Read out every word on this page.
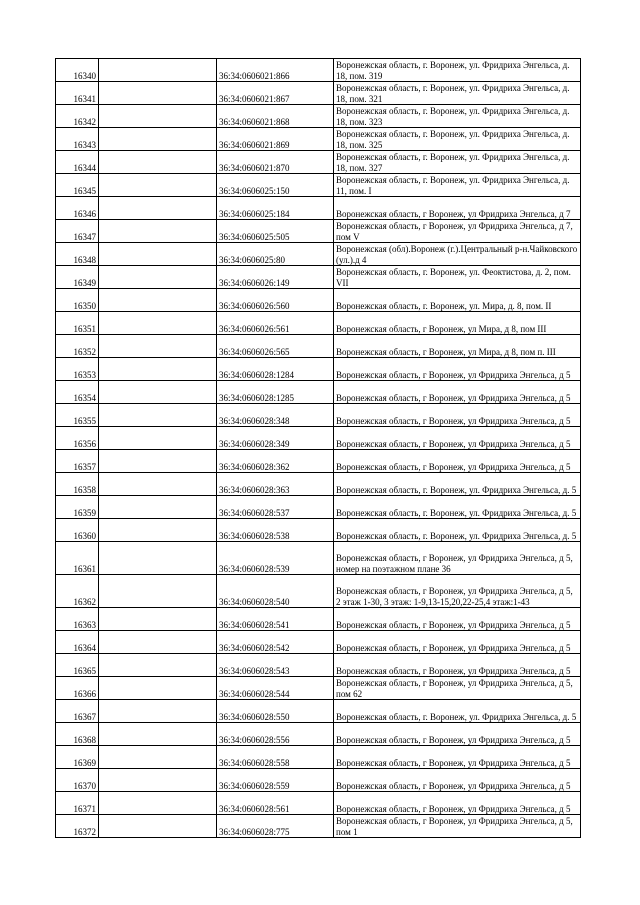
16340		36:34:0606021:866	Воронежская область, г. Воронеж, ул. Фридриха Энгельса, д. 18, пом. 319
16341		36:34:0606021:867	Воронежская область, г. Воронеж, ул. Фридриха Энгельса, д. 18, пом. 321
16342		36:34:0606021:868	Воронежская область, г. Воронеж, ул. Фридриха Энгельса, д. 18, пом. 323
16343		36:34:0606021:869	Воронежская область, г. Воронеж, ул. Фридриха Энгельса, д. 18, пом. 325
16344		36:34:0606021:870	Воронежская область, г. Воронеж, ул. Фридриха Энгельса, д. 18, пом. 327
16345		36:34:0606025:150	Воронежская область, г. Воронеж, ул. Фридриха Энгельса, д. 11, пом. I
16346		36:34:0606025:184	Воронежская область, г Воронеж, ул Фридриха Энгельса, д 7
16347		36:34:0606025:505	Воронежская область, г Воронеж, ул Фридриха Энгельса, д 7, пом V
16348		36:34:0606025:80	Воронежская (обл).Воронеж (г.).Центральный р-н.Чайковского (ул.).д 4
16349		36:34:0606026:149	Воронежская область, г. Воронеж, ул. Феоктистова, д. 2, пом. VII
16350		36:34:0606026:560	Воронежская область, г. Воронеж, ул. Мира, д. 8, пом. II
16351		36:34:0606026:561	Воронежская область, г Воронеж, ул Мира, д 8, пом III
16352		36:34:0606026:565	Воронежская область, г Воронеж, ул Мира, д 8, пом п. III
16353		36:34:0606028:1284	Воронежская область, г Воронеж, ул Фридриха Энгельса, д 5
16354		36:34:0606028:1285	Воронежская область, г Воронеж, ул Фридриха Энгельса, д 5
16355		36:34:0606028:348	Воронежская область, г Воронеж, ул Фридриха Энгельса, д 5
16356		36:34:0606028:349	Воронежская область, г Воронеж, ул Фридриха Энгельса, д 5
16357		36:34:0606028:362	Воронежская область, г Воронеж, ул Фридриха Энгельса, д 5
16358		36:34:0606028:363	Воронежская область, г. Воронеж, ул. Фридриха Энгельса, д. 5
16359		36:34:0606028:537	Воронежская область, г. Воронеж, ул. Фридриха Энгельса, д. 5
16360		36:34:0606028:538	Воронежская область, г. Воронеж, ул. Фридриха Энгельса, д. 5
16361		36:34:0606028:539	Воронежская область, г Воронеж, ул Фридриха Энгельса, д 5, номер на поэтажном плане 36
16362		36:34:0606028:540	Воронежская область, г Воронеж, ул Фридриха Энгельса, д 5, 2 этаж 1-30, 3 этаж: 1-9,13-15,20,22-25,4 этаж:1-43
16363		36:34:0606028:541	Воронежская область, г Воронеж, ул Фридриха Энгельса, д 5
16364		36:34:0606028:542	Воронежская область, г Воронеж, ул Фридриха Энгельса, д 5
16365		36:34:0606028:543	Воронежская область, г Воронеж, ул Фридриха Энгельса, д 5
16366		36:34:0606028:544	Воронежская область, г Воронеж, ул Фридриха Энгельса, д 5, пом 62
16367		36:34:0606028:550	Воронежская область, г. Воронеж, ул. Фридриха Энгельса, д. 5
16368		36:34:0606028:556	Воронежская область, г Воронеж, ул Фридриха Энгельса, д 5
16369		36:34:0606028:558	Воронежская область, г Воронеж, ул Фридриха Энгельса, д 5
16370		36:34:0606028:559	Воронежская область, г Воронеж, ул Фридриха Энгельса, д 5
16371		36:34:0606028:561	Воронежская область, г Воронеж, ул Фридриха Энгельса, д 5
16372		36:34:0606028:775	Воронежская область, г Воронеж, ул Фридриха Энгельса, д 5, пом 1
